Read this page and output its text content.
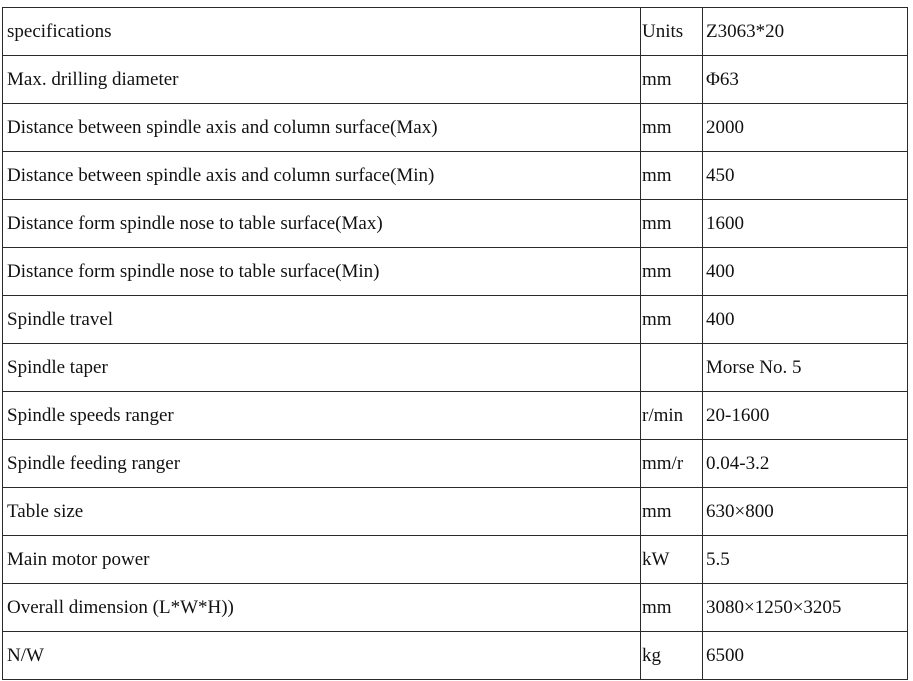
specifications	Units	Z3063*20
Max. drilling diameter	mm	Φ63
Distance between spindle axis and column surface(Max)	mm	2000
Distance between spindle axis and column surface(Min)	mm	450
Distance form spindle nose to table surface(Max)	mm	1600
Distance form spindle nose to table surface(Min)	mm	400
Spindle travel	mm	400
Spindle taper		Morse No. 5
Spindle speeds ranger	r/min	20-1600
Spindle feeding ranger	mm/r	0.04-3.2
Table size	mm	630×800
Main motor power	kW	5.5
Overall dimension (L*W*H))	mm	3080×1250×3205
N/W	kg	6500
